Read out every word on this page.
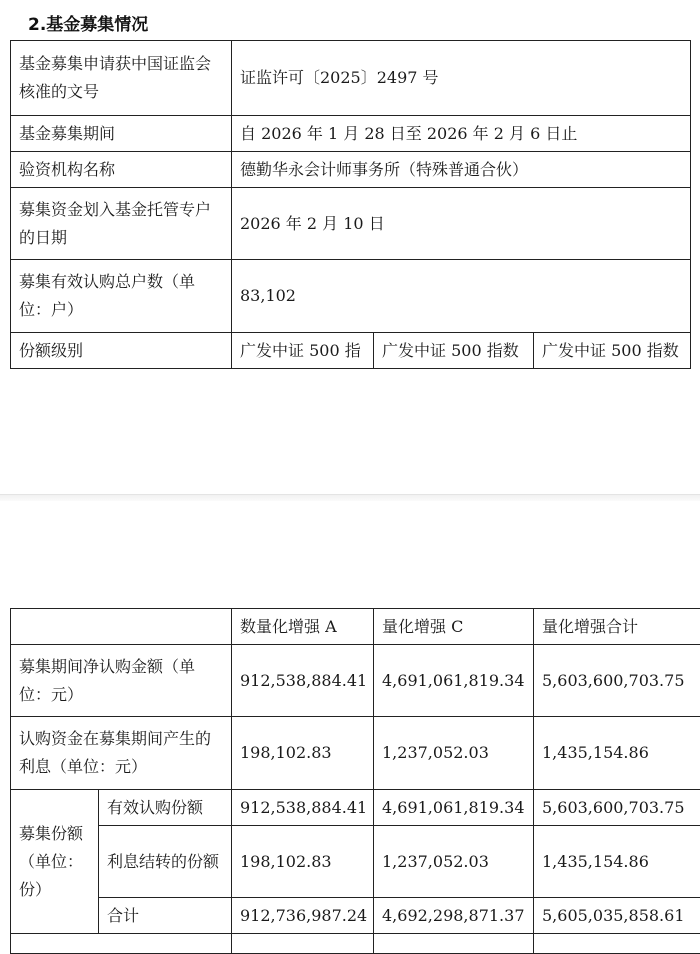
2.基金募集情况
基金募集申请获中国证监会核准的文号	证监许可〔2025〕2497 号		
基金募集期间	自 2026 年 1 月 28 日至 2026 年 2 月 6 日止		
验资机构名称	德勤华永会计师事务所（特殊普通合伙）		
募集资金划入基金托管专户的日期	2026 年 2 月 10 日		
募集有效认购总户数（单位：户）	83,102		
份额级别	广发中证 500 指	广发中证 500 指数	广发中证 500 指数
		数量化增强 A	量化增强 C	量化增强合计
募集期间净认购金额（单位：元）		912,538,884.41	4,691,061,819.34	5,603,600,703.75
认购资金在募集期间产生的利息（单位：元）		198,102.83	1,237,052.03	1,435,154.86
募集份额（单位：份）	有效认购份额	912,538,884.41	4,691,061,819.34	5,603,600,703.75
	利息结转的份额	198,102.83	1,237,052.03	1,435,154.86
	合计	912,736,987.24	4,692,298,871.37	5,605,035,858.61
